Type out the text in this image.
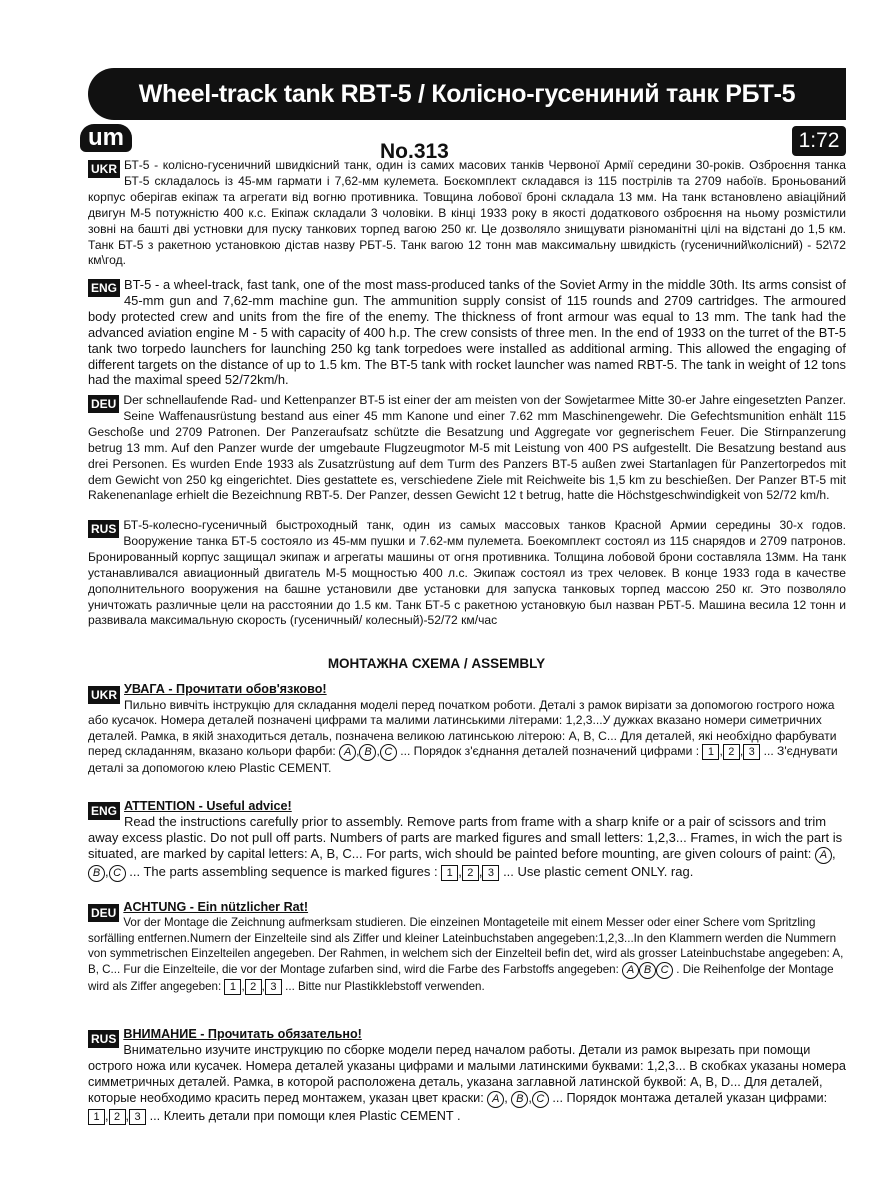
Wheel-track tank RBT-5 / Колісно-гусениний танк РБТ-5
um
No.313	1:72
UKR БТ-5 - колісно-гусеничний швидкісний танк, один із самих масових танків Червоної Армії середини 30-років. Озброєння танка БТ-5 складалось із 45-мм гармати і 7,62-мм кулемета. Боєкомплект складався із 115 пострілів та 2709 набоїв. Броньований корпус оберігав екіпаж та агрегати від вогню противника. Товщина лобової броні складала 13 мм. На танк встановлено авіаційний двигун М-5 потужністю 400 к.с. Екіпаж складали 3 чоловіки. В кінці 1933 року в якості додаткового озброєння на ньому розмістили зовні на башті дві устновки для пуску танкових торпед вагою 250 кг. Це дозволяло знищувати різноманітні цілі на відстані до 1,5 км. Танк БТ-5 з ракетною установкою дістав назву РБТ-5. Танк вагою 12 тонн мав максимальну швидкість (гусеничний\колісний) - 52\72 км\год.
ENG BT-5 - a wheel-track, fast tank, one of the most mass-produced tanks of the Soviet Army in the middle 30th. Its arms consist of 45-mm gun and 7,62-mm machine gun. The ammunition supply consist of 115 rounds and 2709 cartridges. The armoured body protected crew and units from the fire of the enemy. The thickness of front armour was equal to 13 mm. The tank had the advanced aviation engine M - 5 with capacity of 400 h.p. The crew consists of three men. In the end of 1933 on the turret of the BT-5 tank two torpedo launchers for launching 250 kg tank torpedoes were installed as additional arming. This allowed the engaging of different targets on the distance of up to 1.5 km. The BT-5 tank with rocket launcher was named RBT-5. The tank in weight of 12 tons had the maximal speed 52/72km/h.
DEU Der schnellaufende Rad- und Kettenpanzer BT-5 ist einer der am meisten von der Sowjetarmee Mitte 30-er Jahre eingesetzten Panzer. Seine Waffenausrüstung bestand aus einer 45 mm Kanone und einer 7.62 mm Maschinengewehr. Die Gefechtsmunition enhält 115 Geschoße und 2709 Patronen. Der Panzeraufsatz schützte die Besatzung und Aggregate vor gegnerischem Feuer. Die Stirnpanzerung betrug 13 mm. Auf den Panzer wurde der umgebaute Flugzeugmotor M-5 mit Leistung von 400 PS aufgestellt. Die Besatzung bestand aus drei Personen. Es wurden Ende 1933 als Zusatzrüstung auf dem Turm des Panzers BT-5 außen zwei Startanlagen für Panzertorpedos mit dem Gewicht von 250 kg eingerichtet. Dies gestattete es, verschiedene Ziele mit Reichweite bis 1,5 km zu beschießen. Der Panzer BT-5 mit Rakenenanlage erhielt die Bezeichnung RBT-5. Der Panzer, dessen Gewicht 12 t betrug, hatte die Höchstgeschwindigkeit von 52/72 km/h.
RUS БТ-5-колесно-гусеничный быстроходный танк, один из самых массовых танков Красной Армии середины 30-х годов. Вооружение танка БТ-5 состояло из 45-мм пушки и 7.62-мм пулемета. Боекомплект состоял из 115 снарядов и 2709 патронов. Бронированный корпус защищал экипаж и агрегаты машины от огня противника. Толщина лобовой брони составляла 13мм. На танк устанавливался авиационный двигатель М-5 мощностью 400 л.с. Экипаж состоял из трех человек. В конце 1933 года в качестве дополнительного вооружения на башне установили две установки для запуска танковых торпед массою 250 кг. Это позволяло уничтожать различные цели на расстоянии до 1.5 км. Танк БТ-5 с ракетною установкую был назван РБТ-5. Машина весила 12 тонн и развивала максимальную скорость (гусеничный/ колесный)-52/72 км/час
МОНТАЖНА СХЕМА / ASSEMBLY
UKR УВАГА - Прочитати обов'язково!
Пильно вивчіть інструкцію для складання моделі перед початком роботи. Деталі з рамок вирізати за допомогою гострого ножа або кусачок. Номера деталей позначені цифрами та малими латинськими літерами: 1,2,3...У дужках вказано номери симетричних деталей. Рамка, в якій знаходиться деталь, позначена великою латинською літерою: A, B, C... Для деталей, які необхідно фарбувати перед складанням, вказано кольори фарби: A , B , C ... Порядок з'єднання деталей позначений цифрами : 1 , 2 , 3 ... З'єднувати деталі за допомогою клею Plastic CEMENT.
ENG ATTENTION - Useful advice!
Read the instructions carefully prior to assembly. Remove parts from frame with a sharp knife or a pair of scissors and trim away excess plastic. Do not pull off parts. Numbers of parts are marked figures and small letters: 1,2,3... Frames, in wich the part is situated, are marked by capital letters: A, B, C... For parts, wich should be painted before mounting, are given colours of paint: A ,B , C ... The parts assembling sequence is marked figures : 1 , 2 , 3 ... Use plastic cement ONLY. rag.
DEU ACHTUNG - Ein nützlicher Rat!
Vor der Montage die Zeichnung aufmerksam studieren. Die einzeinen Montageteile mit einem Messer oder einer Schere vom Spritzling sorfälling entfernen.Numern der Einzelteile sind als Ziffer und kleiner Lateinbuchstaben angegeben:1,2,3...In den Klammern werden die Nummern von symmetrischen Einzelteilen angegeben. Der Rahmen, in welchem sich der Einzelteil befin det, wird als grosser Lateinbuchstabe angegeben: A, B, C... Fur die Einzelteile, die vor der Montage zufarben sind, wird die Farbe des Farbstoffs angegeben: A B C . Die Reihenfolge der Montage wird als Ziffer angegeben: 1 , 2 , 3 ... Bitte nur Plastikklebstoff verwenden.
RUS ВНИМАНИЕ - Прочитать обязательно!
Внимательно изучите инструкцию по сборке модели перед началом работы. Детали из рамок вырезать при помощи острого ножа или кусачек. Номера деталей указаны цифрами и малыми латинскими буквами: 1,2,3... В скобках указаны номера симметричных деталей. Рамка, в которой расположена деталь, указана заглавной латинской буквой: A, B, D... Для деталей, которые необходимо красить перед монтажем, указан цвет краски: A , B , C ... Порядок монтажа деталей указан цифрами: 1 , 2 , 3 ... Клеить детали при помощи клея Plastic CEMENT .
